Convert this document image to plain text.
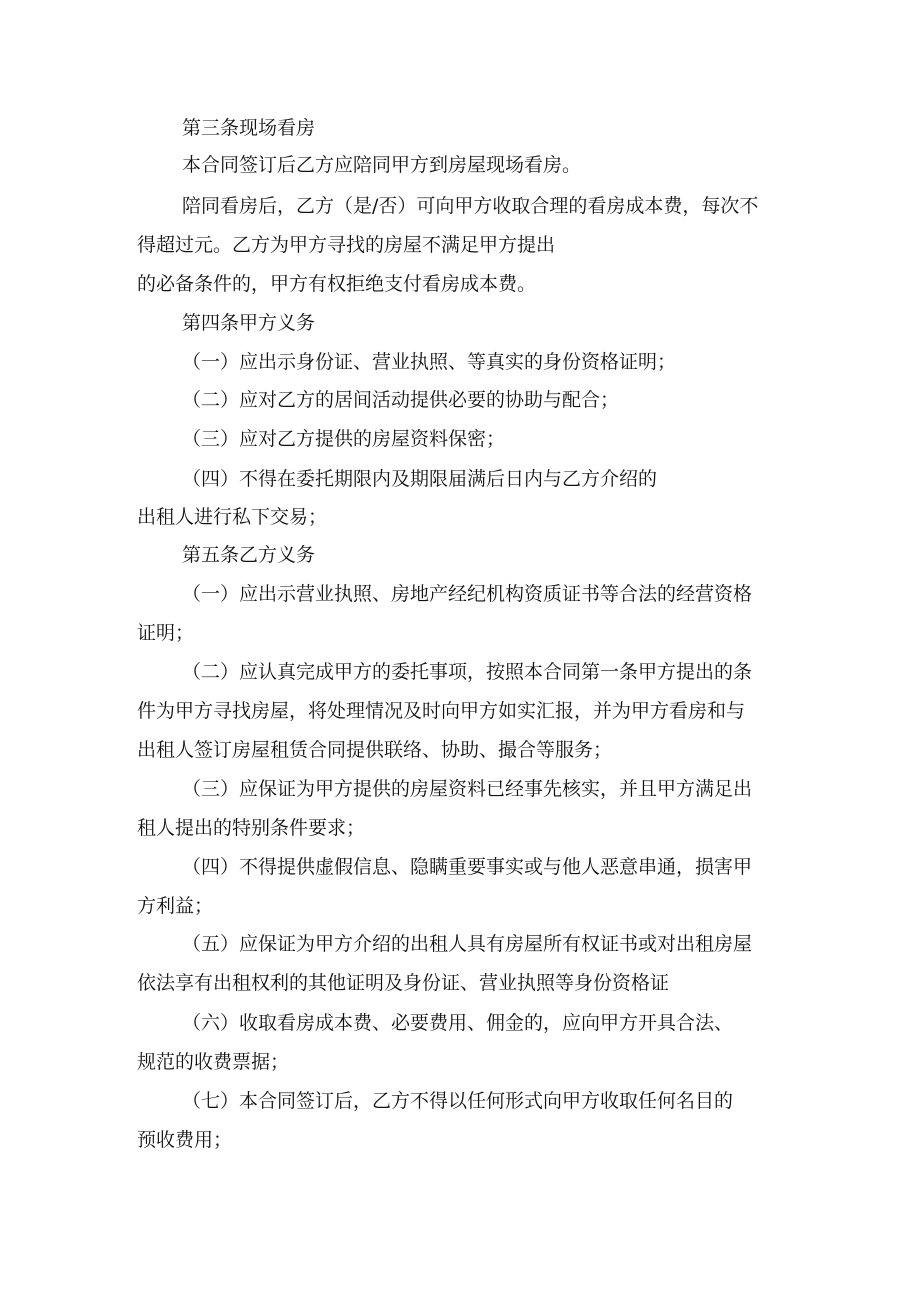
第三条现场看房
本合同签订后乙方应陪同甲方到房屋现场看房。
陪同看房后，乙方（是/否）可向甲方收取合理的看房成本费，每次不
得超过元。乙方为甲方寻找的房屋不满足甲方提出
的必备条件的，甲方有权拒绝支付看房成本费。
第四条甲方义务
（一）应出示身份证、营业执照、等真实的身份资格证明；
（二）应对乙方的居间活动提供必要的协助与配合；
（三）应对乙方提供的房屋资料保密；
（四）不得在委托期限内及期限届满后日内与乙方介绍的
出租人进行私下交易；
第五条乙方义务
（一）应出示营业执照、房地产经纪机构资质证书等合法的经营资格
证明；
（二）应认真完成甲方的委托事项，按照本合同第一条甲方提出的条
件为甲方寻找房屋，将处理情况及时向甲方如实汇报，并为甲方看房和与
出租人签订房屋租赁合同提供联络、协助、撮合等服务；
（三）应保证为甲方提供的房屋资料已经事先核实，并且甲方满足出
租人提出的特别条件要求；
（四）不得提供虚假信息、隐瞒重要事实或与他人恶意串通，损害甲
方利益；
（五）应保证为甲方介绍的出租人具有房屋所有权证书或对出租房屋
依法享有出租权利的其他证明及身份证、营业执照等身份资格证
（六）收取看房成本费、必要费用、佣金的，应向甲方开具合法、
规范的收费票据；
（七）本合同签订后，乙方不得以任何形式向甲方收取任何名目的
预收费用；
